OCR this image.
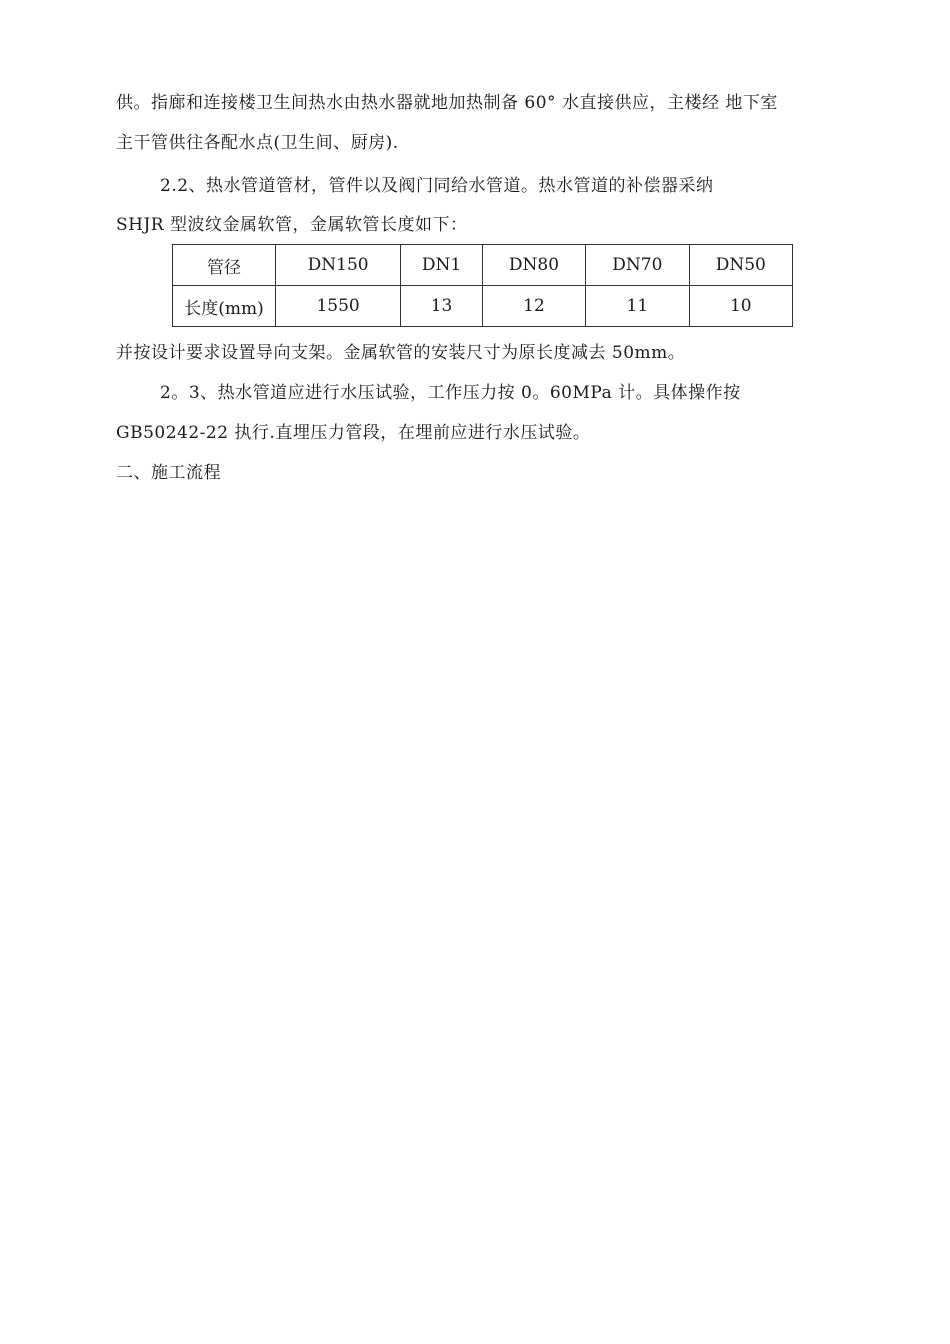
供。指廊和连接楼卫生间热水由热水器就地加热制备 60° 水直接供应，主楼经 地下室
主干管供往各配水点(卫生间、厨房).
2.2、热水管道管材，管件以及阀门同给水管道。热水管道的补偿器采纳
SHJR 型波纹金属软管，金属软管长度如下：
管径	DN150	DN1	DN80	DN70	DN50
长度(mm)	1550	13	12	11	10
并按设计要求设置导向支架。金属软管的安装尺寸为原长度减去 50mm。
2。3、热水管道应进行水压试验，工作压力按 0。60MPa 计。具体操作按
GB50242-22 执行.直埋压力管段，在埋前应进行水压试验。
二、施工流程
